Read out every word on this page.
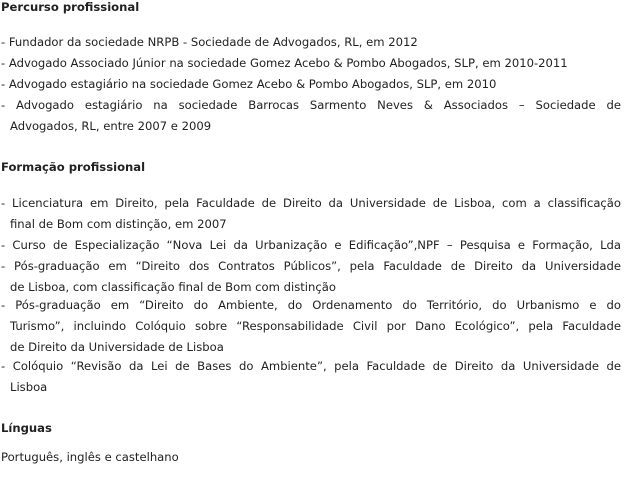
Percurso profissional
- Fundador da sociedade NRPB - Sociedade de Advogados, RL, em 2012
- Advogado Associado Júnior na sociedade Gomez Acebo & Pombo Abogados, SLP, em 2010-2011
- Advogado estagiário na sociedade Gomez Acebo & Pombo Abogados, SLP, em 2010
- Advogado estagiário na sociedade Barrocas Sarmento Neves & Associados – Sociedade de
Advogados, RL, entre 2007 e 2009
Formação profissional
- Licenciatura em Direito, pela Faculdade de Direito da Universidade de Lisboa, com a classificação
final de Bom com distinção, em 2007
- Curso de Especialização “Nova Lei da Urbanização e Edificação”,NPF – Pesquisa e Formação, Lda
- Pós-graduação em “Direito dos Contratos Públicos”, pela Faculdade de Direito da Universidade
de Lisboa, com classificação final de Bom com distinção
- Pós-graduação em “Direito do Ambiente, do Ordenamento do Território, do Urbanismo e do
Turismo”, incluindo Colóquio sobre “Responsabilidade Civil por Dano Ecológico”, pela Faculdade
de Direito da Universidade de Lisboa
- Colóquio “Revisão da Lei de Bases do Ambiente”, pela Faculdade de Direito da Universidade de
Lisboa
Línguas
Português, inglês e castelhano
